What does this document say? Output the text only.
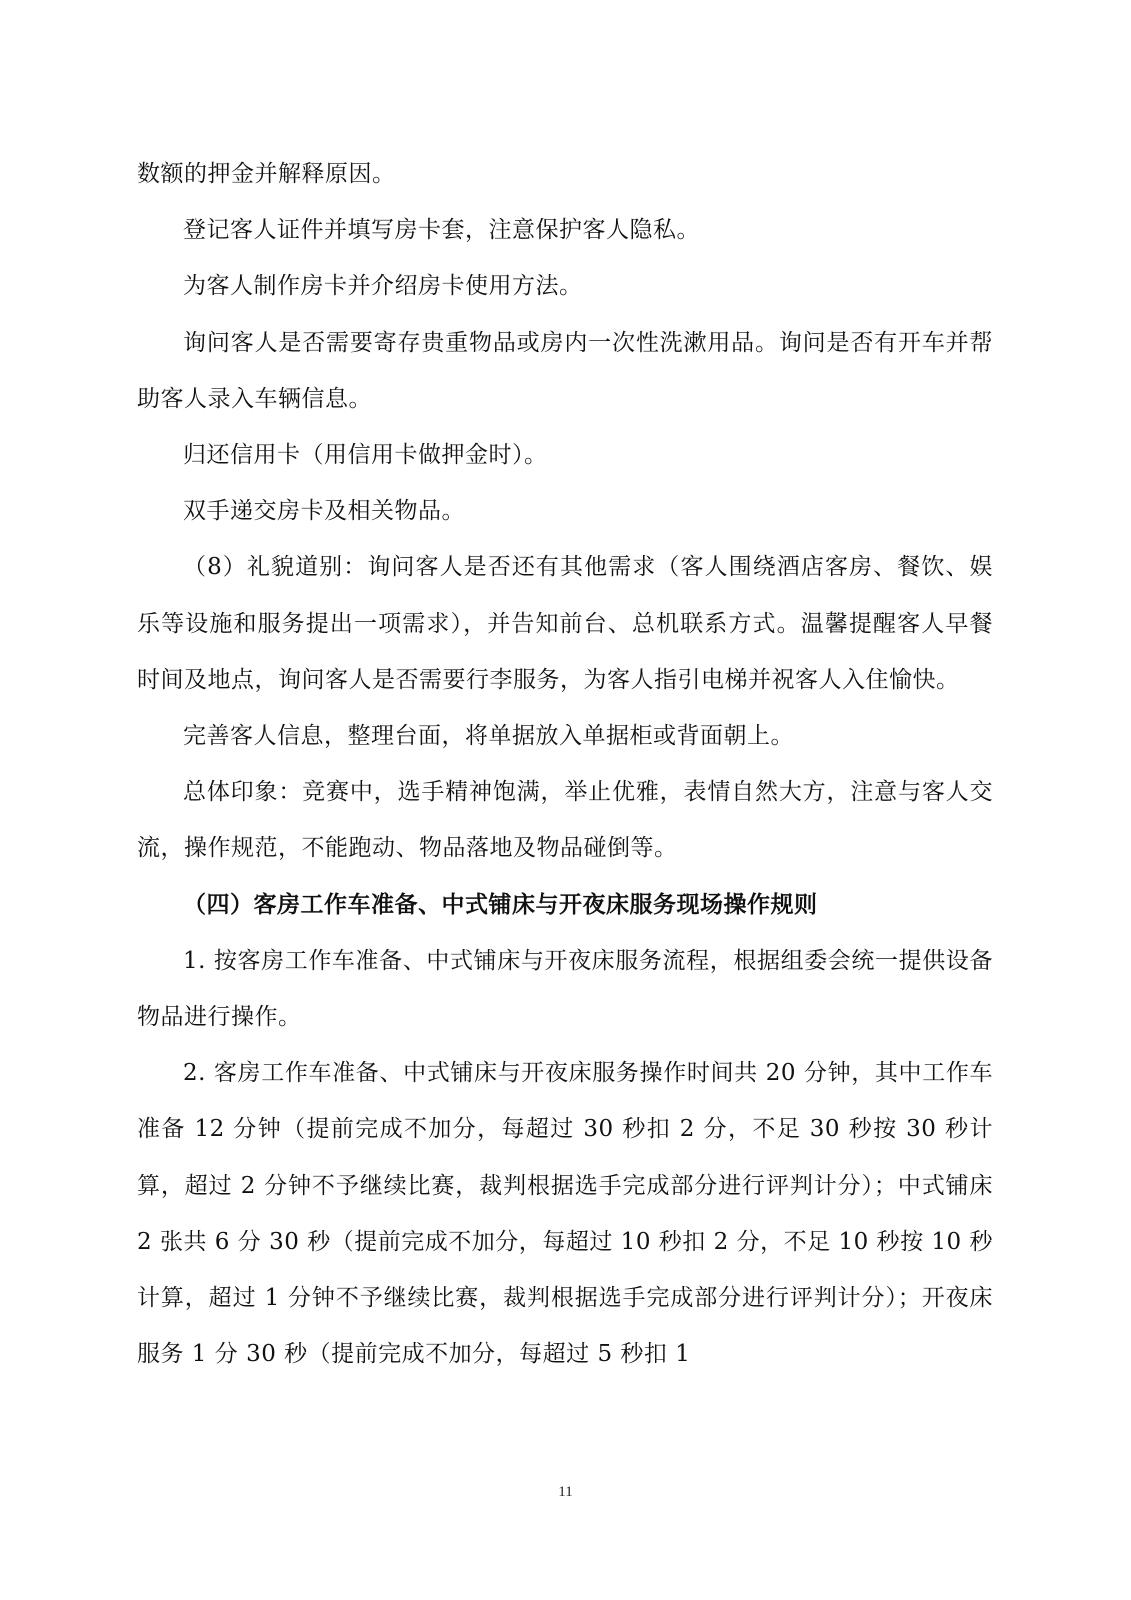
数额的押金并解释原因。

登记客人证件并填写房卡套，注意保护客人隐私。

为客人制作房卡并介绍房卡使用方法。

询问客人是否需要寄存贵重物品或房内一次性洗漱用品。询问是否有开车并帮助客人录入车辆信息。

归还信用卡（用信用卡做押金时）。

双手递交房卡及相关物品。

（8）礼貌道别：询问客人是否还有其他需求（客人围绕酒店客房、餐饮、娱乐等设施和服务提出一项需求），并告知前台、总机联系方式。温馨提醒客人早餐时间及地点，询问客人是否需要行李服务，为客人指引电梯并祝客人入住愉快。

完善客人信息，整理台面，将单据放入单据柜或背面朝上。

总体印象：竞赛中，选手精神饱满，举止优雅，表情自然大方，注意与客人交流，操作规范，不能跑动、物品落地及物品碰倒等。

（四）客房工作车准备、中式铺床与开夜床服务现场操作规则

1. 按客房工作车准备、中式铺床与开夜床服务流程，根据组委会统一提供设备物品进行操作。

2. 客房工作车准备、中式铺床与开夜床服务操作时间共 20 分钟，其中工作车准备 12 分钟（提前完成不加分，每超过 30 秒扣 2 分，不足 30 秒按 30 秒计算，超过 2 分钟不予继续比赛，裁判根据选手完成部分进行评判计分）；中式铺床 2 张共 6 分 30 秒（提前完成不加分，每超过 10 秒扣 2 分，不足 10 秒按 10 秒计算，超过 1 分钟不予继续比赛，裁判根据选手完成部分进行评判计分）；开夜床服务 1 分 30 秒（提前完成不加分，每超过 5 秒扣 1

11
